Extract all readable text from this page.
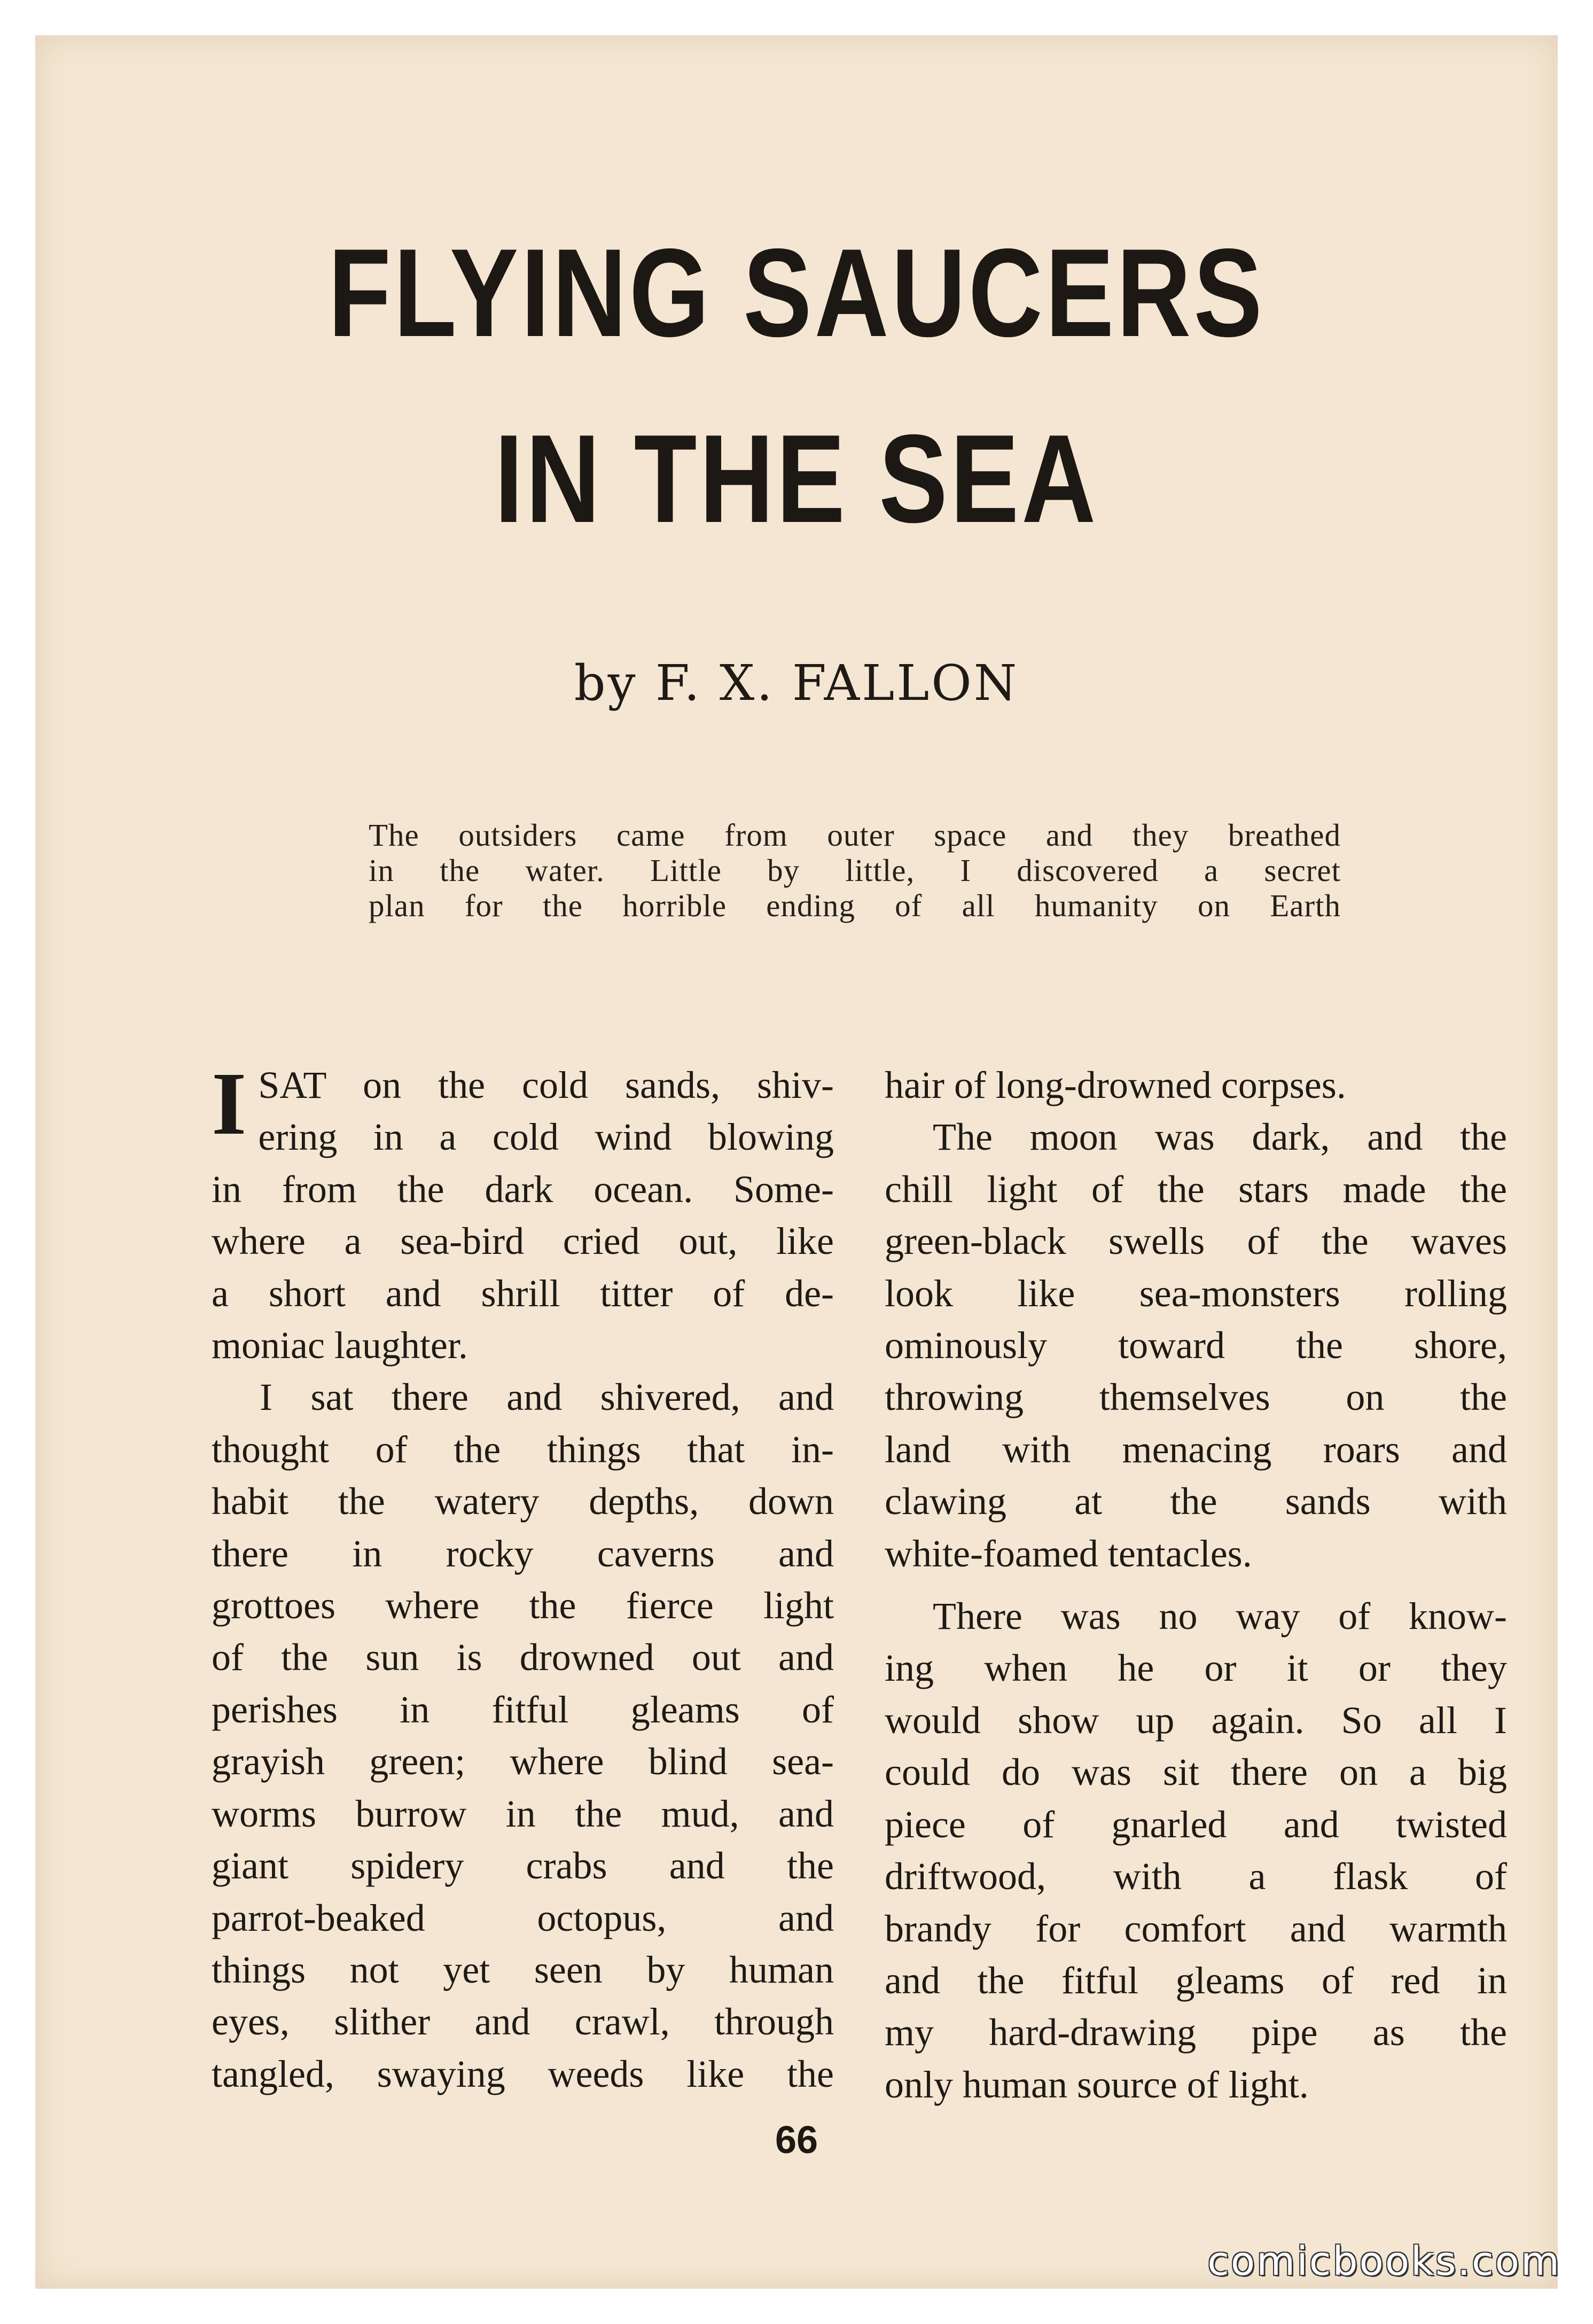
FLYING SAUCERS
IN THE SEA
by F. X. FALLON
The outsiders came from outer space and they breathed
in the water. Little by little, I discovered a secret
plan for the horrible ending of all humanity on Earth
I SAT on the cold sands, shiv-
ering in a cold wind blowing
in from the dark ocean. Some-
where a sea-bird cried out, like
a short and shrill titter of de-
moniac laughter.
I sat there and shivered, and
thought of the things that in-
habit the watery depths, down
there in rocky caverns and
grottoes where the fierce light
of the sun is drowned out and
perishes in fitful gleams of
grayish green; where blind sea-
worms burrow in the mud, and
giant spidery crabs and the
parrot-beaked octopus, and
things not yet seen by human
eyes, slither and crawl, through
tangled, swaying weeds like the
hair of long-drowned corpses.
The moon was dark, and the
chill light of the stars made the
green-black swells of the waves
look like sea-monsters rolling
ominously toward the shore,
throwing themselves on the
land with menacing roars and
clawing at the sands with
white-foamed tentacles.
There was no way of know-
ing when he or it or they
would show up again. So all I
could do was sit there on a big
piece of gnarled and twisted
driftwood, with a flask of
brandy for comfort and warmth
and the fitful gleams of red in
my hard-drawing pipe as the
only human source of light.
66
comicbooks.com
